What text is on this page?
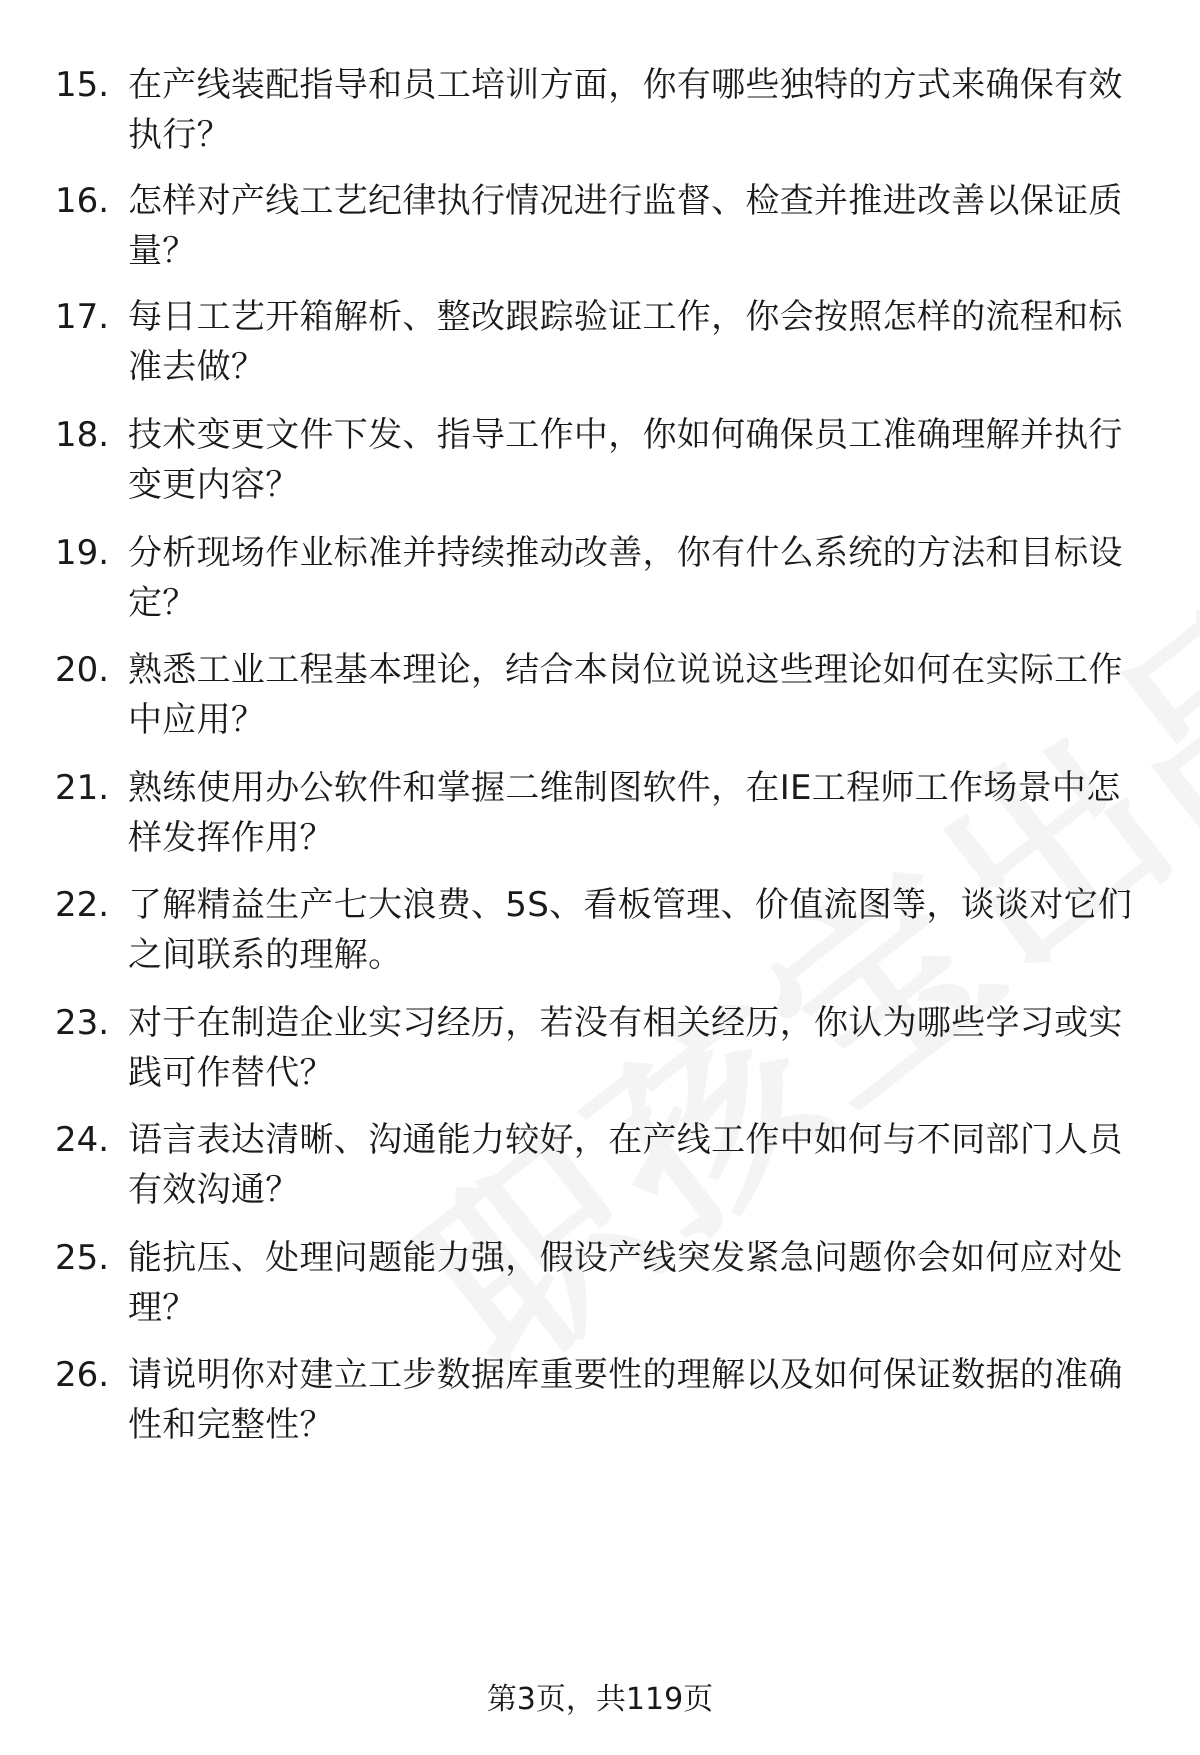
15. 在产线装配指导和员工培训方面，你有哪些独特的方式来确保有效执行？
16. 怎样对产线工艺纪律执行情况进行监督、检查并推进改善以保证质量？
17. 每日工艺开箱解析、整改跟踪验证工作，你会按照怎样的流程和标准去做？
18. 技术变更文件下发、指导工作中，你如何确保员工准确理解并执行变更内容？
19. 分析现场作业标准并持续推动改善，你有什么系统的方法和目标设定？
20. 熟悉工业工程基本理论，结合本岗位说说这些理论如何在实际工作中应用？
21. 熟练使用办公软件和掌握二维制图软件，在IE工程师工作场景中怎样发挥作用？
22. 了解精益生产七大浪费、5S、看板管理、价值流图等，谈谈对它们之间联系的理解。
23. 对于在制造企业实习经历，若没有相关经历，你认为哪些学习或实践可作替代？
24. 语言表达清晰、沟通能力较好，在产线工作中如何与不同部门人员有效沟通？
25. 能抗压、处理问题能力强，假设产线突发紧急问题你会如何应对处理？
26. 请说明你对建立工步数据库重要性的理解以及如何保证数据的准确性和完整性？
第3页，共119页
